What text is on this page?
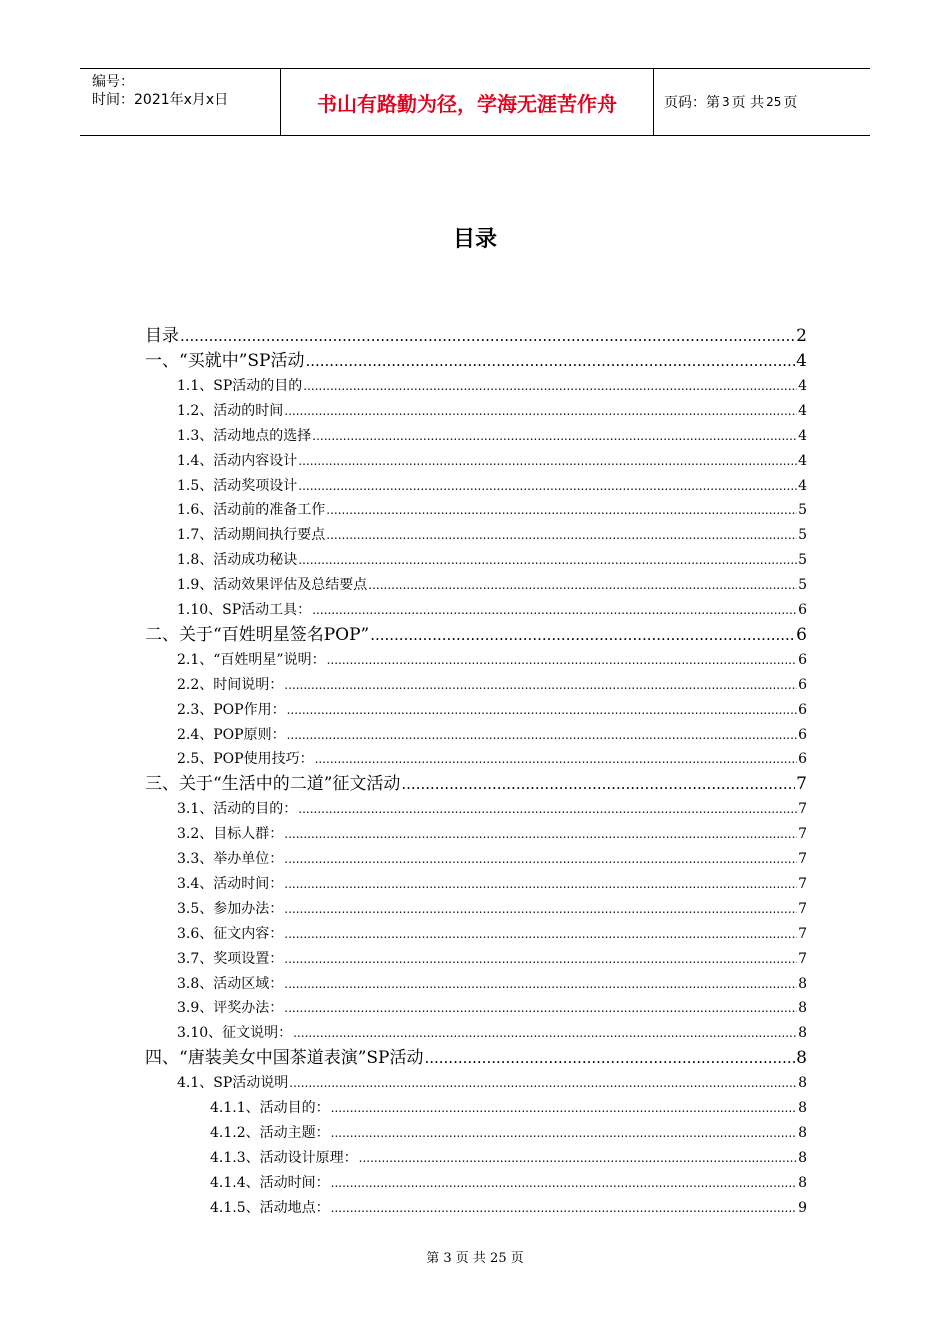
编号：
时间：2021年x月x日	书山有路勤为径，学海无涯苦作舟	页码：第 3 页 共 25 页
目录
目录 .....	2
一、“买就中”SP活动 .....	4
1.1、SP活动的目的 .....	4
1.2、活动的时间 .....	4
1.3、活动地点的选择 .....	4
1.4、活动内容设计 .....	4
1.5、活动奖项设计 .....	4
1.6、活动前的准备工作 .....	5
1.7、活动期间执行要点 .....	5
1.8、活动成功秘诀 .....	5
1.9、活动效果评估及总结要点 .....	5
1.10、SP活动工具： .....	6
二、关于“百姓明星签名POP” .....	6
2.1、“百姓明星”说明： .....	6
2.2、时间说明： .....	6
2.3、POP作用： .....	6
2.4、POP原则： .....	6
2.5、POP使用技巧： .....	6
三、关于“生活中的二道”征文活动 .....	7
3.1、活动的目的： .....	7
3.2、目标人群： .....	7
3.3、举办单位： .....	7
3.4、活动时间： .....	7
3.5、参加办法： .....	7
3.6、征文内容： .....	7
3.7、奖项设置： .....	7
3.8、活动区域： .....	8
3.9、评奖办法： .....	8
3.10、征文说明： .....	8
四、“唐装美女中国茶道表演”SP活动 .....	8
4.1、SP活动说明 .....	8
4.1.1、活动目的： .....	8
4.1.2、活动主题： .....	8
4.1.3、活动设计原理： .....	8
4.1.4、活动时间： .....	8
4.1.5、活动地点： .....	9
第 3 页 共 25 页
